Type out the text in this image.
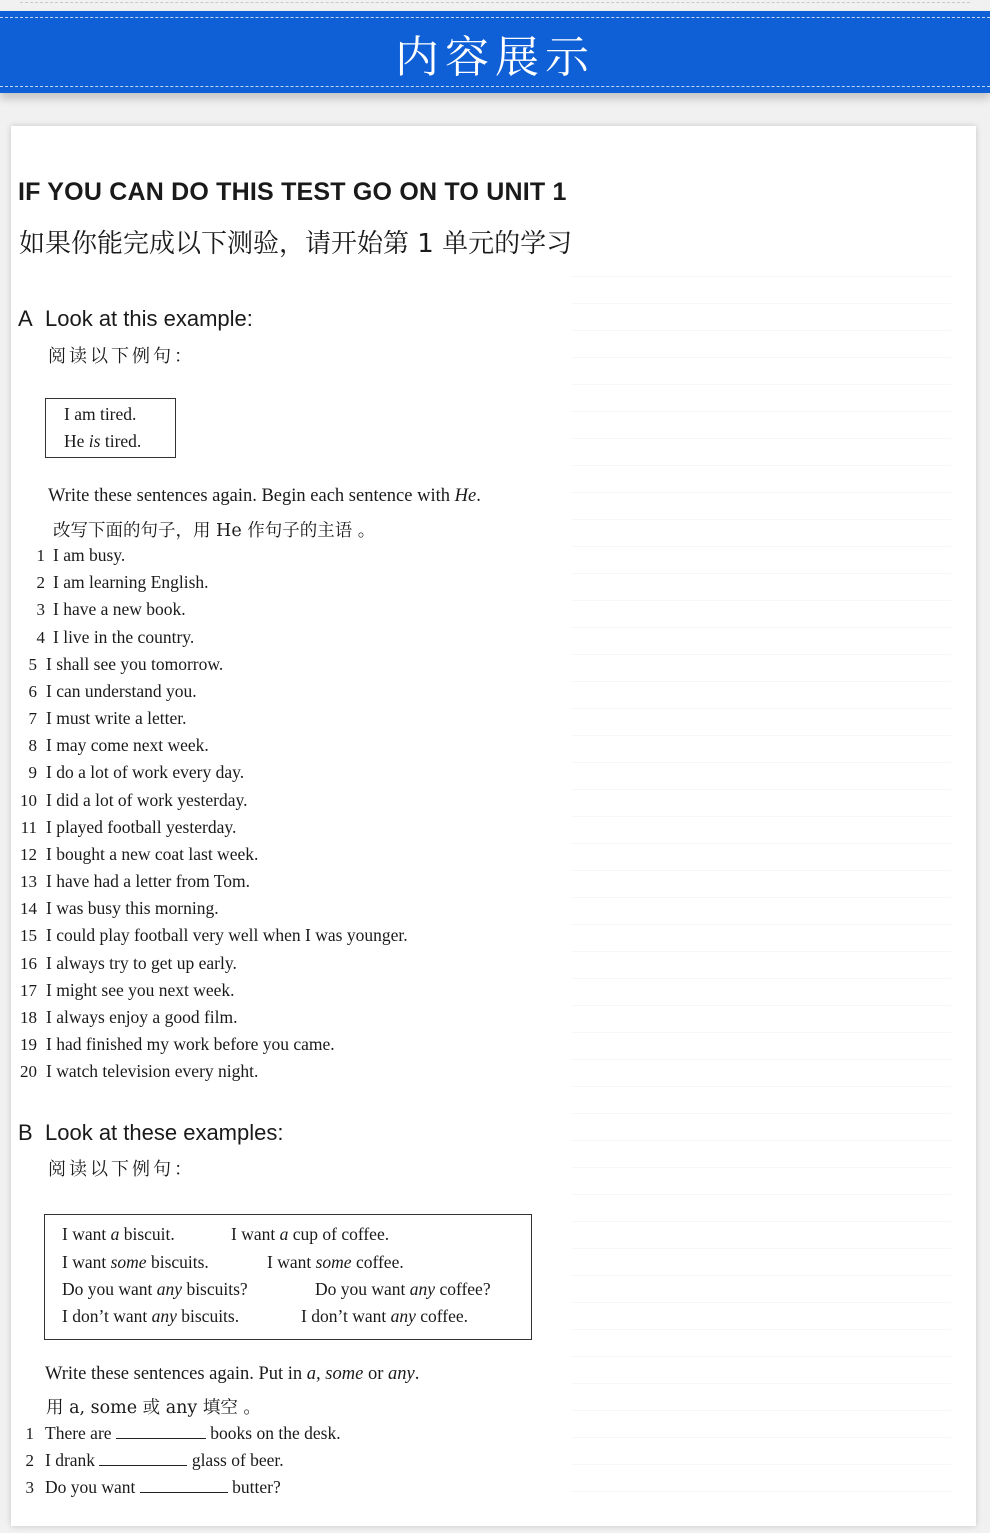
内容展示
IF YOU CAN DO THIS TEST GO ON TO UNIT 1
如果你能完成以下测验，请开始第 1 单元的学习
A Look at this example:
阅读以下例句：
I am tired.
He is tired.
Write these sentences again. Begin each sentence with He.
改写下面的句子，用 He 作句子的主语 。
1 I am busy.
2 I am learning English.
3 I have a new book.
4 I live in the country.
5 I shall see you tomorrow.
6 I can understand you.
7 I must write a letter.
8 I may come next week.
9 I do a lot of work every day.
10 I did a lot of work yesterday.
11 I played football yesterday.
12 I bought a new coat last week.
13 I have had a letter from Tom.
14 I was busy this morning.
15 I could play football very well when I was younger.
16 I always try to get up early.
17 I might see you next week.
18 I always enjoy a good film.
19 I had finished my work before you came.
20 I watch television every night.
B Look at these examples:
阅读以下例句：
I want a biscuit.	I want a cup of coffee.
I want some biscuits.	I want some coffee.
Do you want any biscuits?	Do you want any coffee?
I don’t want any biscuits.	I don’t want any coffee.
Write these sentences again. Put in a, some or any.
用 a, some 或 any 填空 。
1 There are	books on the desk.
2 I drank	glass of beer.
3 Do you want	butter?
